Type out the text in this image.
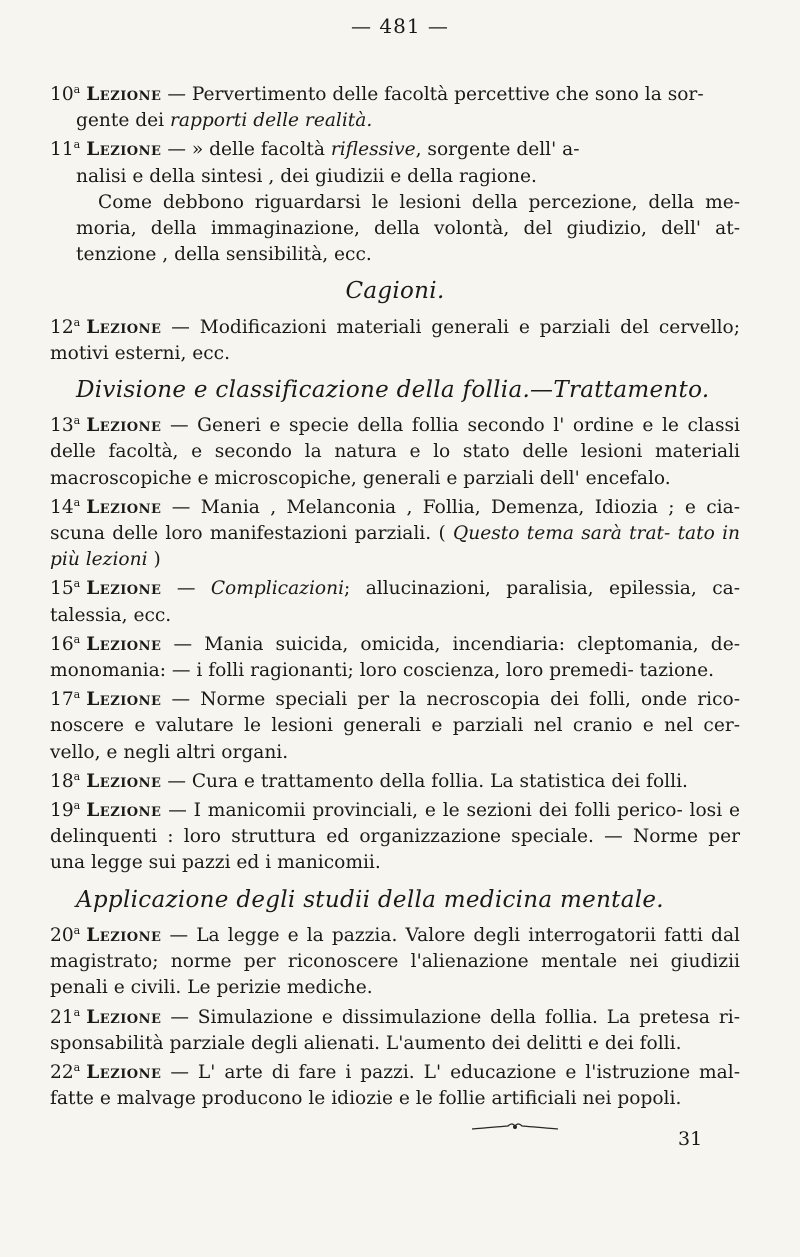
— 481 —
10$^a$ Lezione — Pervertimento delle facoltà percettive che sono la sor-
gente dei rapporti delle realità.
11$^a$ Lezione — » delle facoltà riflessive, sorgente dell' a-
nalisi e della sintesi , dei giudizii e della ragione.
Come debbono riguardarsi le lesioni della percezione, della me- moria, della immaginazione, della volontà, del giudizio, dell' at- tenzione , della sensibilità, ecc.
Cagioni.
12$^a$ Lezione — Modificazioni materiali generali e parziali del cervello; motivi esterni, ecc.
Divisione e classificazione della follia.—Trattamento.
13$^a$ Lezione — Generi e specie della follia secondo l' ordine e le classi delle facoltà, e secondo la natura e lo stato delle lesioni materiali macroscopiche e microscopiche, generali e parziali dell' encefalo.
14$^a$ Lezione — Mania , Melanconia , Follia, Demenza, Idiozia ; e cia- scuna delle loro manifestazioni parziali. ( Questo tema sarà trat- tato in più lezioni )
15$^a$ Lezione — Complicazioni; allucinazioni, paralisia, epilessia, ca- talessia, ecc.
16$^a$ Lezione — Mania suicida, omicida, incendiaria: cleptomania, de- monomania: — i folli ragionanti; loro coscienza, loro premedi- tazione.
17$^a$ Lezione — Norme speciali per la necroscopia dei folli, onde rico- noscere e valutare le lesioni generali e parziali nel cranio e nel cer- vello, e negli altri organi.
18$^a$ Lezione — Cura e trattamento della follia. La statistica dei folli.
19$^a$ Lezione — I manicomii provinciali, e le sezioni dei folli perico- losi e delinquenti : loro struttura ed organizzazione speciale. — Norme per una legge sui pazzi ed i manicomii.
Applicazione degli studii della medicina mentale.
20$^a$ Lezione — La legge e la pazzia. Valore degli interrogatorii fatti dal magistrato; norme per riconoscere l'alienazione mentale nei giudizii penali e civili. Le perizie mediche.
21$^a$ Lezione — Simulazione e dissimulazione della follia. La pretesa ri- sponsabilità parziale degli alienati. L'aumento dei delitti e dei folli.
22$^a$ Lezione — L' arte di fare i pazzi. L' educazione e l'istruzione mal- fatte e malvage producono le idiozie e le follie artificiali nei popoli.
31
